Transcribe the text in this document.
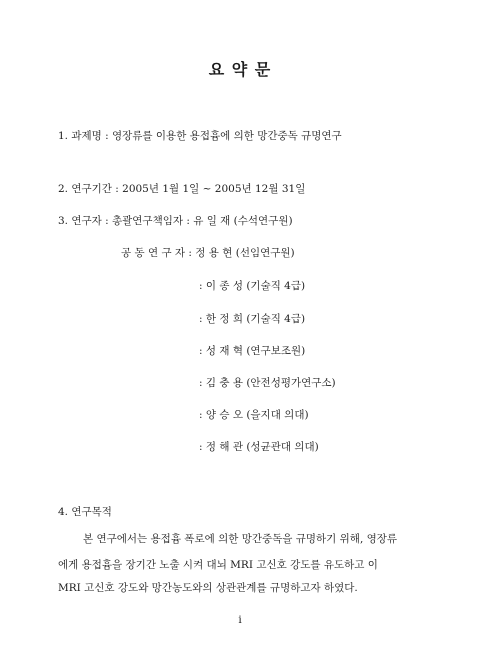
요 약 문
1. 과제명 : 영장류를 이용한 용접흄에 의한 망간중독 규명연구
2. 연구기간 : 2005년 1월 1일 ~ 2005년 12월 31일
3. 연구자 : 총괄연구책임자 : 유 일 재 (수석연구원)
공 동 연 구 자 : 정 용 현 (선임연구원)
: 이 종 성 (기술직 4급)
: 한 정 희 (기술직 4급)
: 성 재 혁 (연구보조원)
: 김 충 용 (안전성평가연구소)
: 양 승 오 (을지대 의대)
: 정 해 관 (성균관대 의대)
4. 연구목적
본 연구에서는 용접흄 폭로에 의한 망간중독을 규명하기 위해, 영장류
에게 용접흄을 장기간 노출 시켜 대뇌 MRI 고신호 강도를 유도하고 이
MRI 고신호 강도와 망간농도와의 상관관계를 규명하고자 하였다.
i
